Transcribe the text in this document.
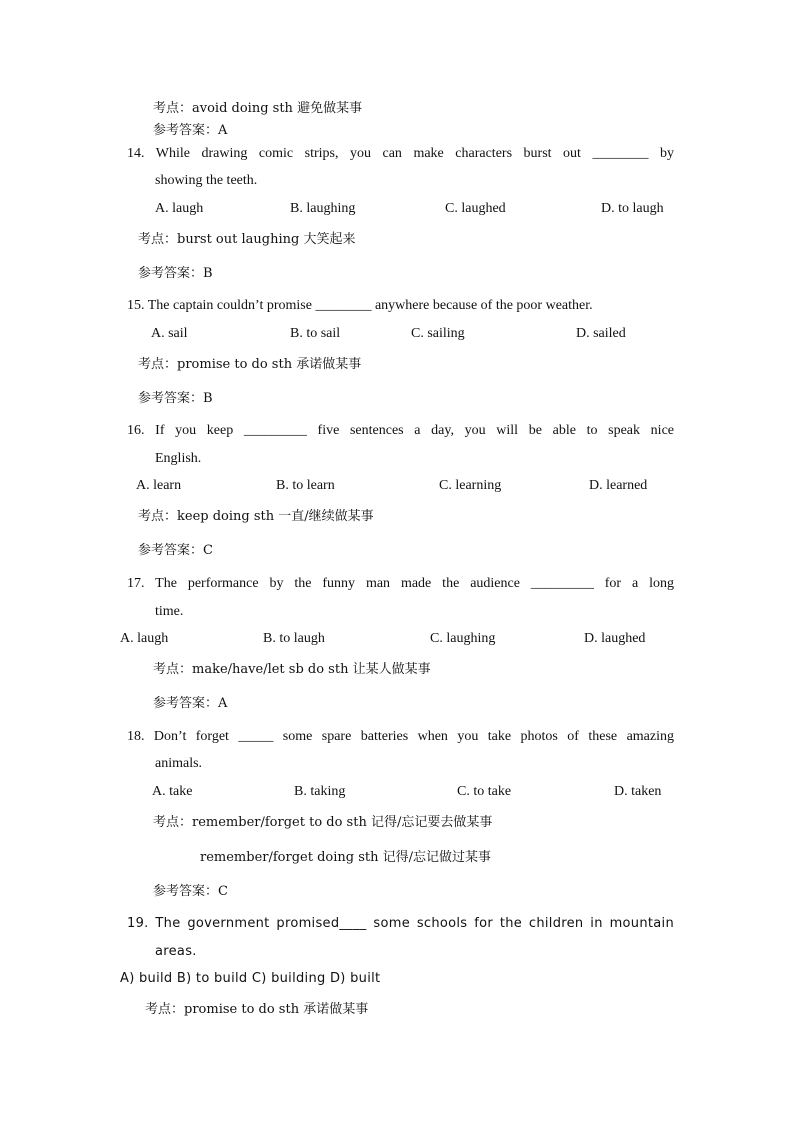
考点：avoid doing sth 避免做某事
参考答案：A
14. While drawing comic strips, you can make characters burst out ________ by
showing the teeth.
A. laugh	B. laughing	C. laughed	D. to laugh
考点：burst out laughing 大笑起来
参考答案：B
15. The captain couldn’t promise ________ anywhere because of the poor weather.
A. sail	B. to sail	C. sailing	D. sailed
考点：promise to do sth 承诺做某事
参考答案：B
16. If you keep _________ five sentences a day, you will be able to speak nice
English.
A. learn	B. to learn	C. learning	D. learned
考点：keep doing sth 一直/继续做某事
参考答案：C
17. The performance by the funny man made the audience _________ for a long
time.
A. laugh	B. to laugh	C. laughing	D. laughed
考点：make/have/let sb do sth 让某人做某事
参考答案：A
18. Don’t forget _____ some spare batteries when you take photos of these amazing
animals.
A. take	B. taking	C. to take	D. taken
考点：remember/forget to do sth 记得/忘记要去做某事
remember/forget doing sth 记得/忘记做过某事
参考答案：C
19. The government promised____ some schools for the children in mountain
areas.
A) build B) to build C) building D) built
考点：promise to do sth 承诺做某事
